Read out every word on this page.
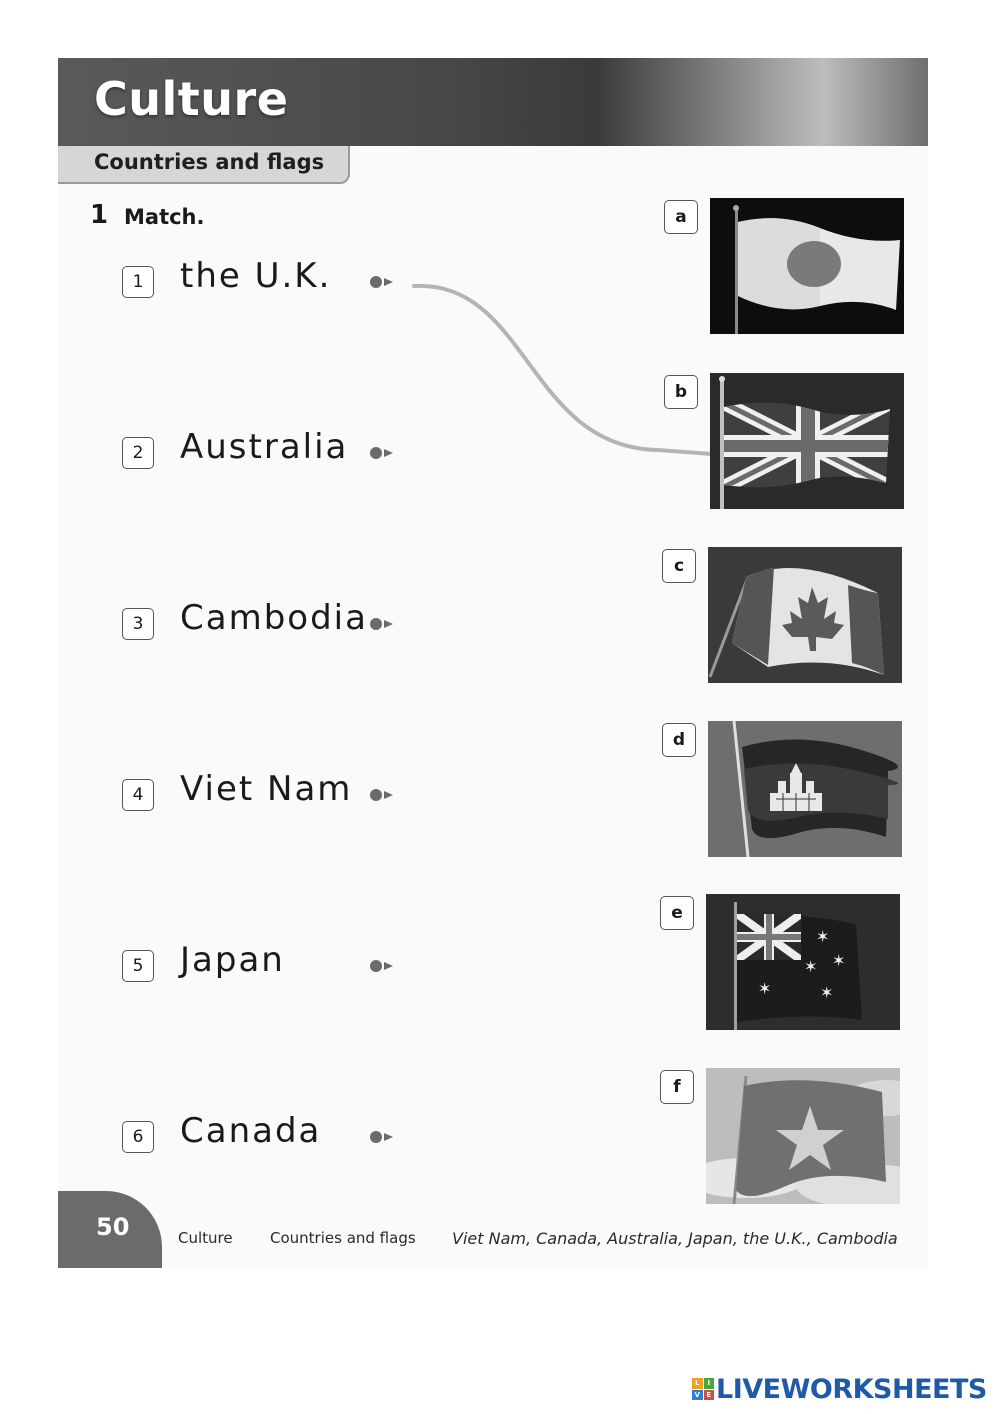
Culture
Countries and flags
1 Match.
1	the U.K.
2	Australia
3	Cambodia
4	Viet Nam
5	Japan
6	Canada
a
b
c
d
e
✶
✶
✶
✶
✶
f
50	Culture Countries and flags Viet Nam, Canada, Australia, Japan, the U.K., Cambodia
L	I
V E LIVEWORKSHEETS
